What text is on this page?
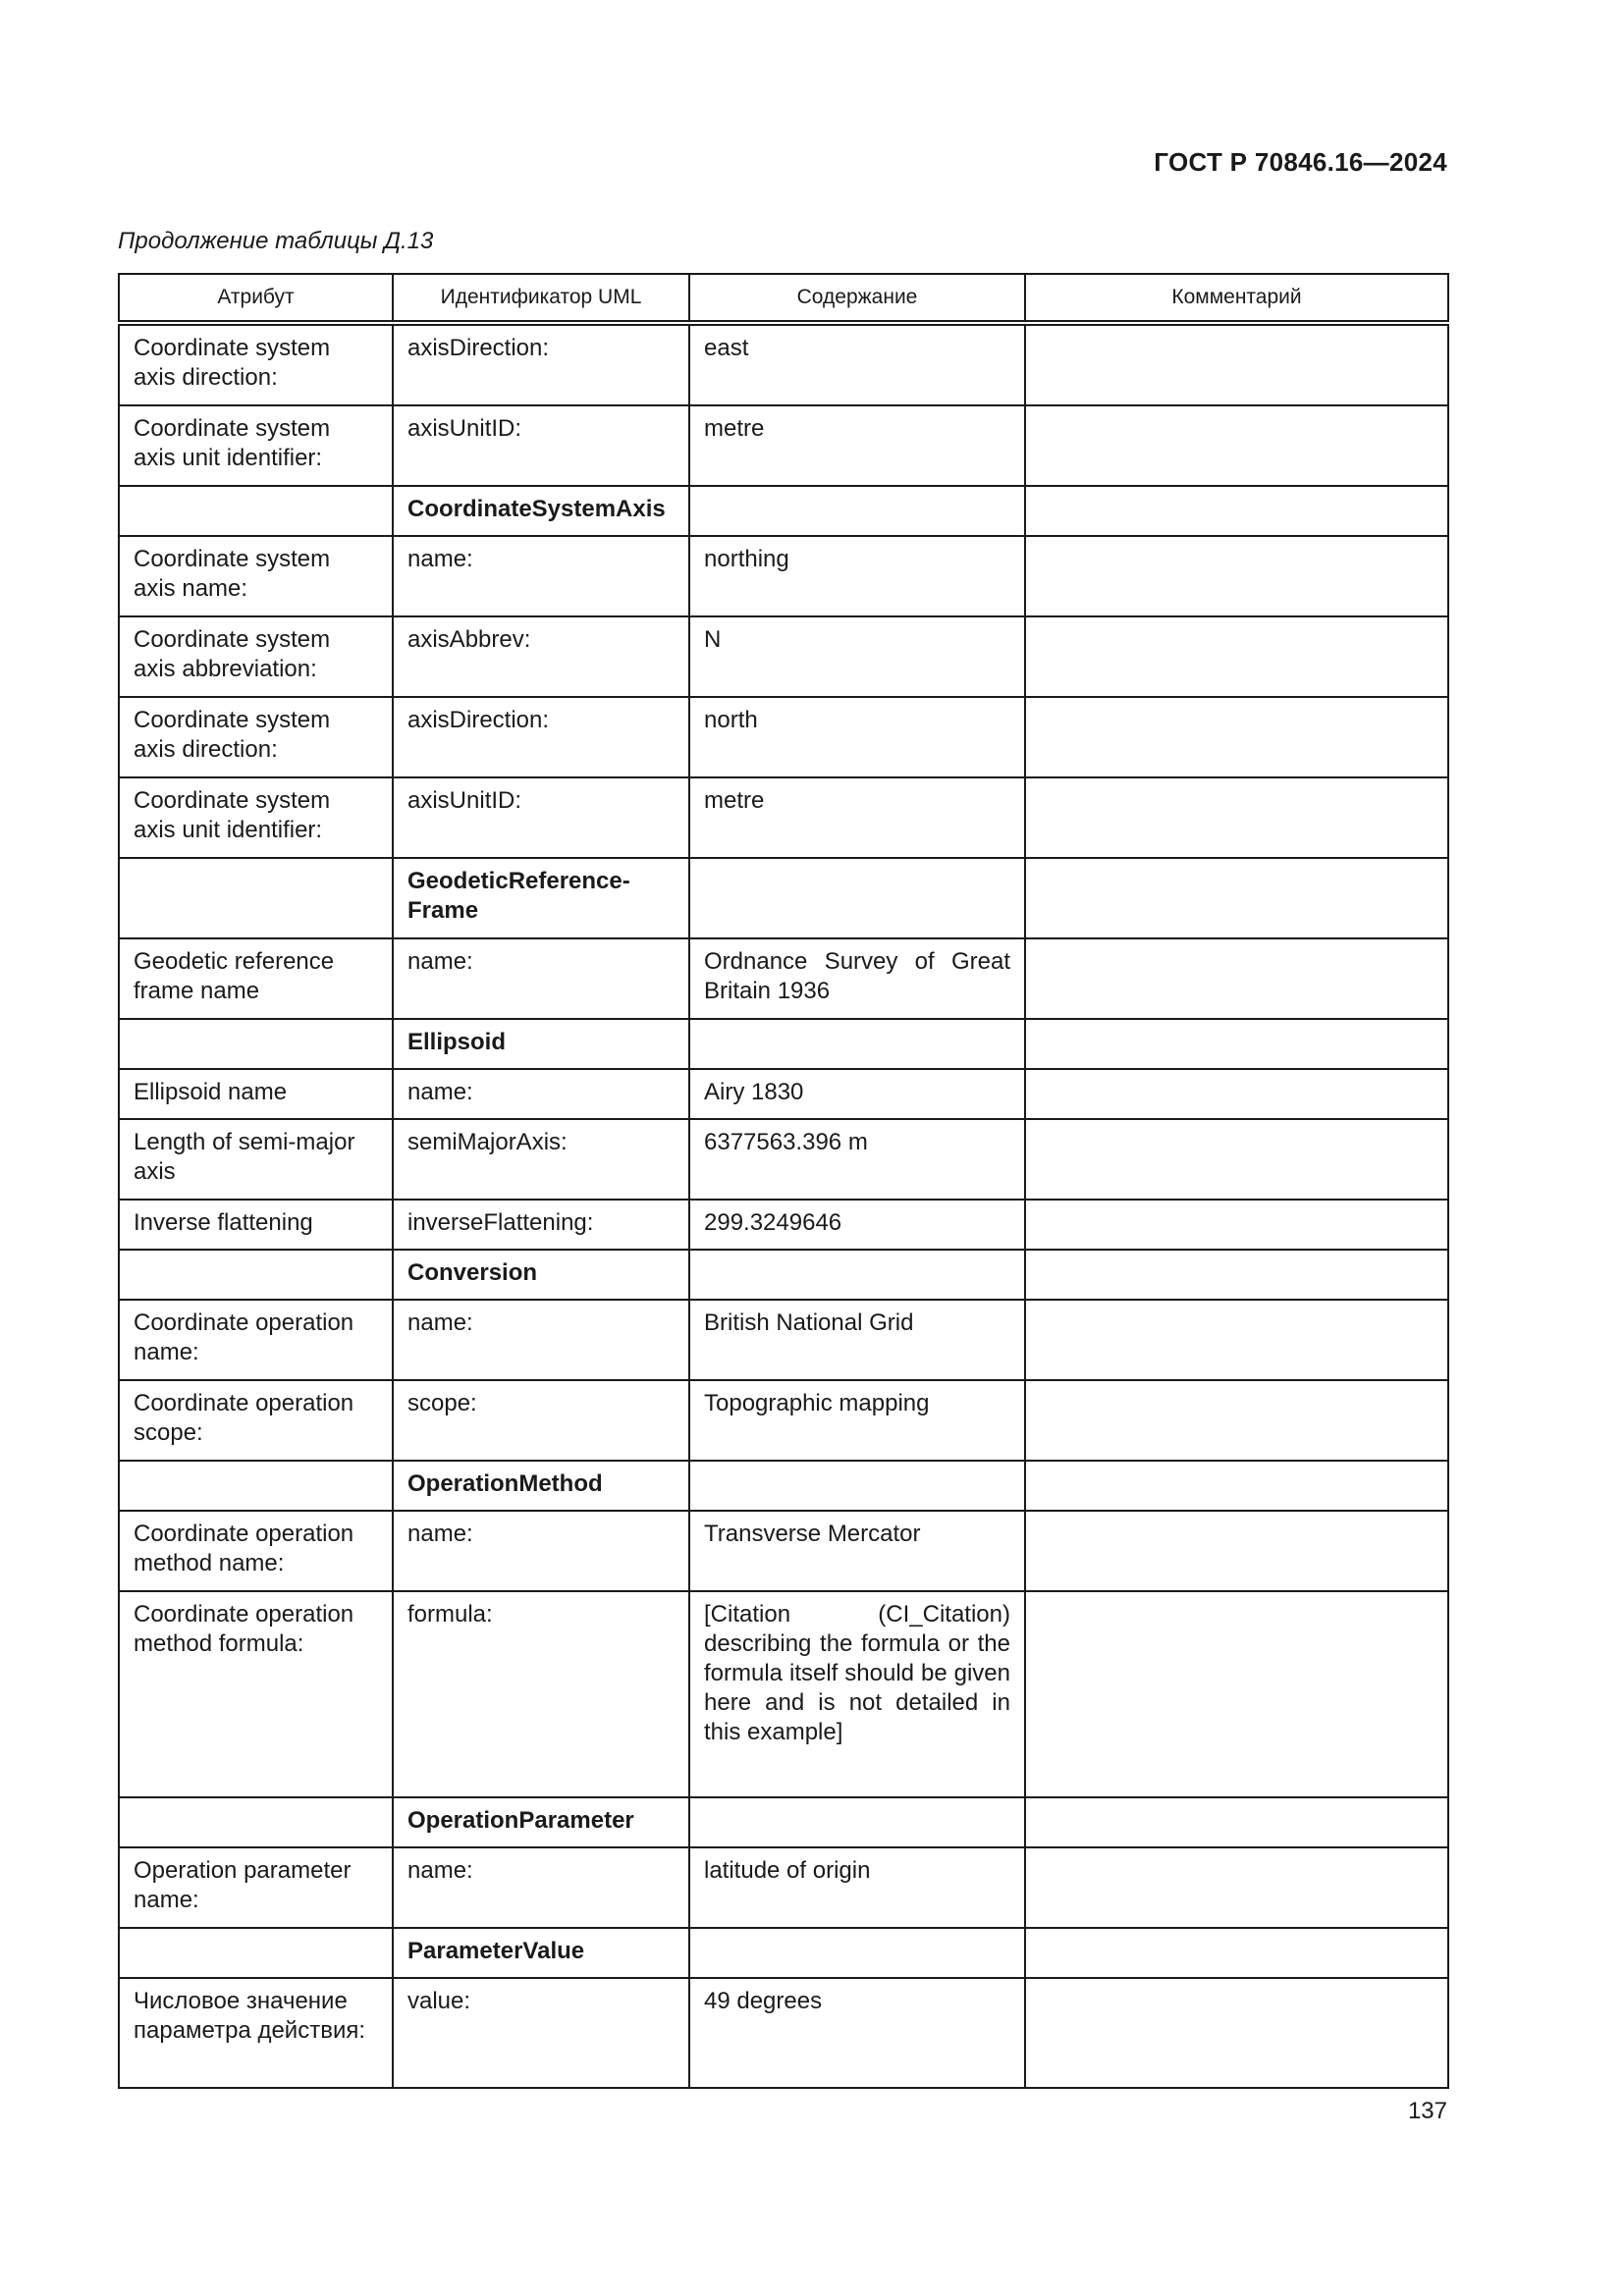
ГОСТ Р 70846.16—2024
Продолжение таблицы Д.13
Атрибут	Идентификатор UML	Содержание	Комментарий
Coordinate system axis direction:	axisDirection:	east	
Coordinate system axis unit identifier:	axisUnitID:	metre	
	CoordinateSystemAxis		
Coordinate system axis name:	name:	northing	
Coordinate system axis abbreviation:	axisAbbrev:	N	
Coordinate system axis direction:	axisDirection:	north	
Coordinate system axis unit identifier:	axisUnitID:	metre	
	GeodeticReference-Frame		
Geodetic reference frame name	name:	Ordnance Survey of Great Britain 1936	
	Ellipsoid		
Ellipsoid name	name:	Airy 1830	
Length of semi-major axis	semiMajorAxis:	6377563.396 m	
Inverse flattening	inverseFlattening:	299.3249646	
	Conversion		
Coordinate operation name:	name:	British National Grid	
Coordinate operation scope:	scope:	Topographic mapping	
	OperationMethod		
Coordinate operation method name:	name:	Transverse Mercator	
Coordinate operation method formula:	formula:	[Citation (CI_Citation) describing the formula or the formula itself should be given here and is not detailed in this example]	
	OperationParameter		
Operation parameter name:	name:	latitude of origin	
	ParameterValue		
Числовое значение параметра действия:	value:	49 degrees	
137
